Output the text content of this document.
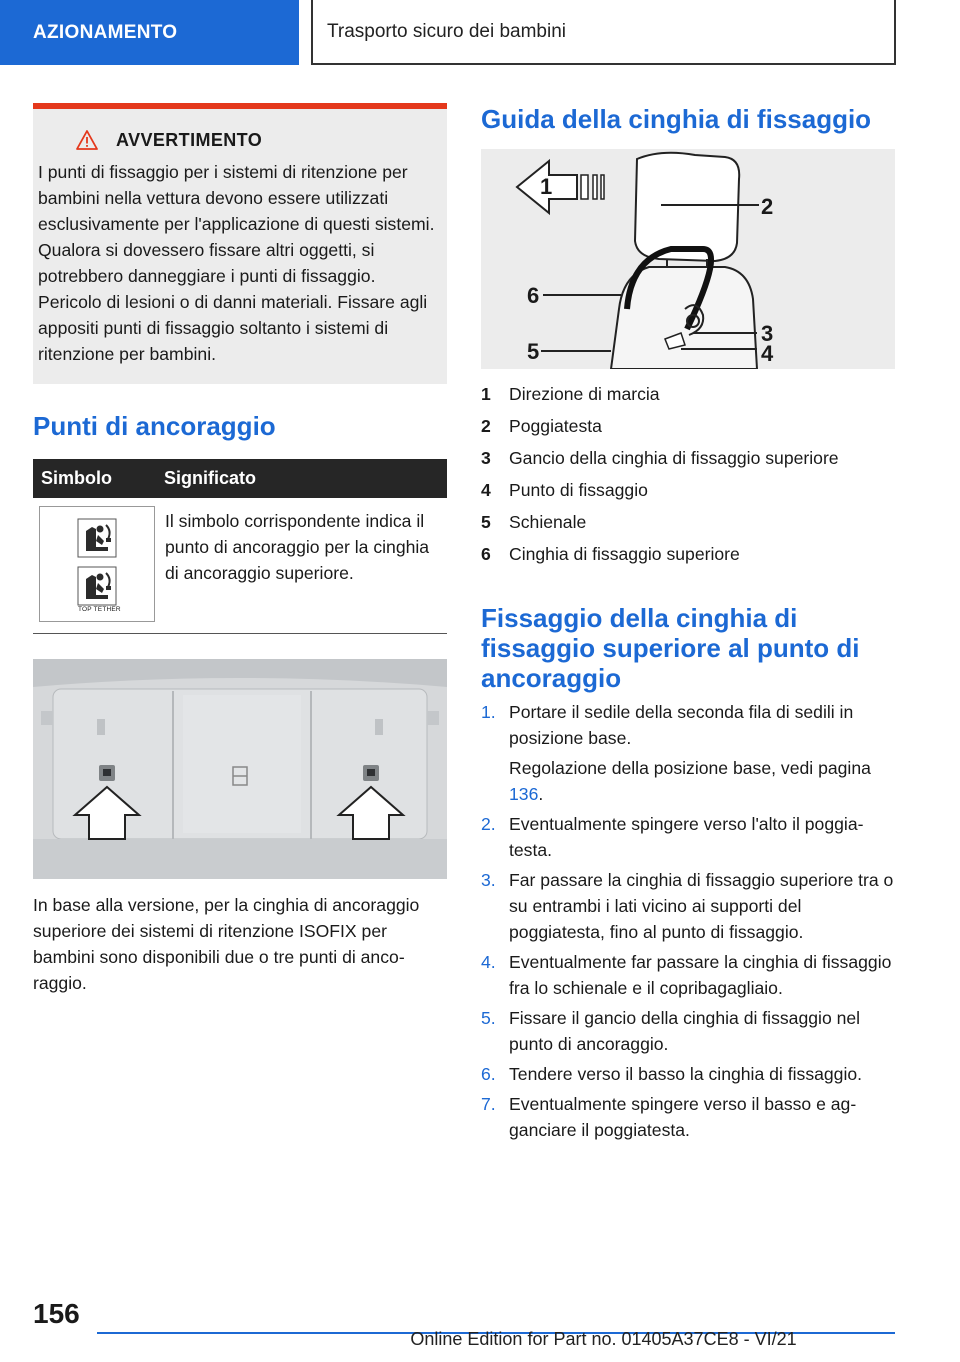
AZIONAMENTO	Trasporto sicuro dei bambini
AVVERTIMENTO

I punti di fissaggio per i sistemi di ritenzione per bambini nella vettura devono essere utilizzati esclusivamente per l'applicazione di questi sistemi. Qualora si dovessero fissare altri oggetti, si potrebbero danneggiare i punti di fissaggio. Pericolo di lesioni o di danni materiali. Fissare agli appositi punti di fissaggio soltanto i sistemi di ritenzione per bambini.

Punti di ancoraggio
Simbolo	Significato
TOP TETHER
Il simbolo corrispondente indica il punto di ancoraggio per la cinghia di ancoraggio superiore.

In base alla versione, per la cinghia di ancoraggio superiore dei sistemi di ritenzione ISOFIX per bambini sono disponibili due o tre punti di ancoraggio.

Guida della cinghia di fissaggio
1
2
3
4
5
6
1	Direzione di marcia
2	Poggiatesta
3	Gancio della cinghia di fissaggio superiore
4	Punto di fissaggio
5	Schienale
6	Cinghia di fissaggio superiore
Fissaggio della cinghia di fissaggio superiore al punto di ancoraggio
1. Portare il sedile della seconda fila di sedili in posizione base.
Regolazione della posizione base, vedi pagina 136.
2. Eventualmente spingere verso l'alto il poggiatesta.
3. Far passare la cinghia di fissaggio superiore tra o su entrambi i lati vicino ai supporti del poggiatesta, fino al punto di fissaggio.
4. Eventualmente far passare la cinghia di fissaggio fra lo schienale e il copribagagliaio.
5. Fissare il gancio della cinghia di fissaggio nel punto di ancoraggio.
6. Tendere verso il basso la cinghia di fissaggio.
7. Eventualmente spingere verso il basso e agganciare il poggiatesta.
156
Online Edition for Part no. 01405A37CE8 - VI/21
